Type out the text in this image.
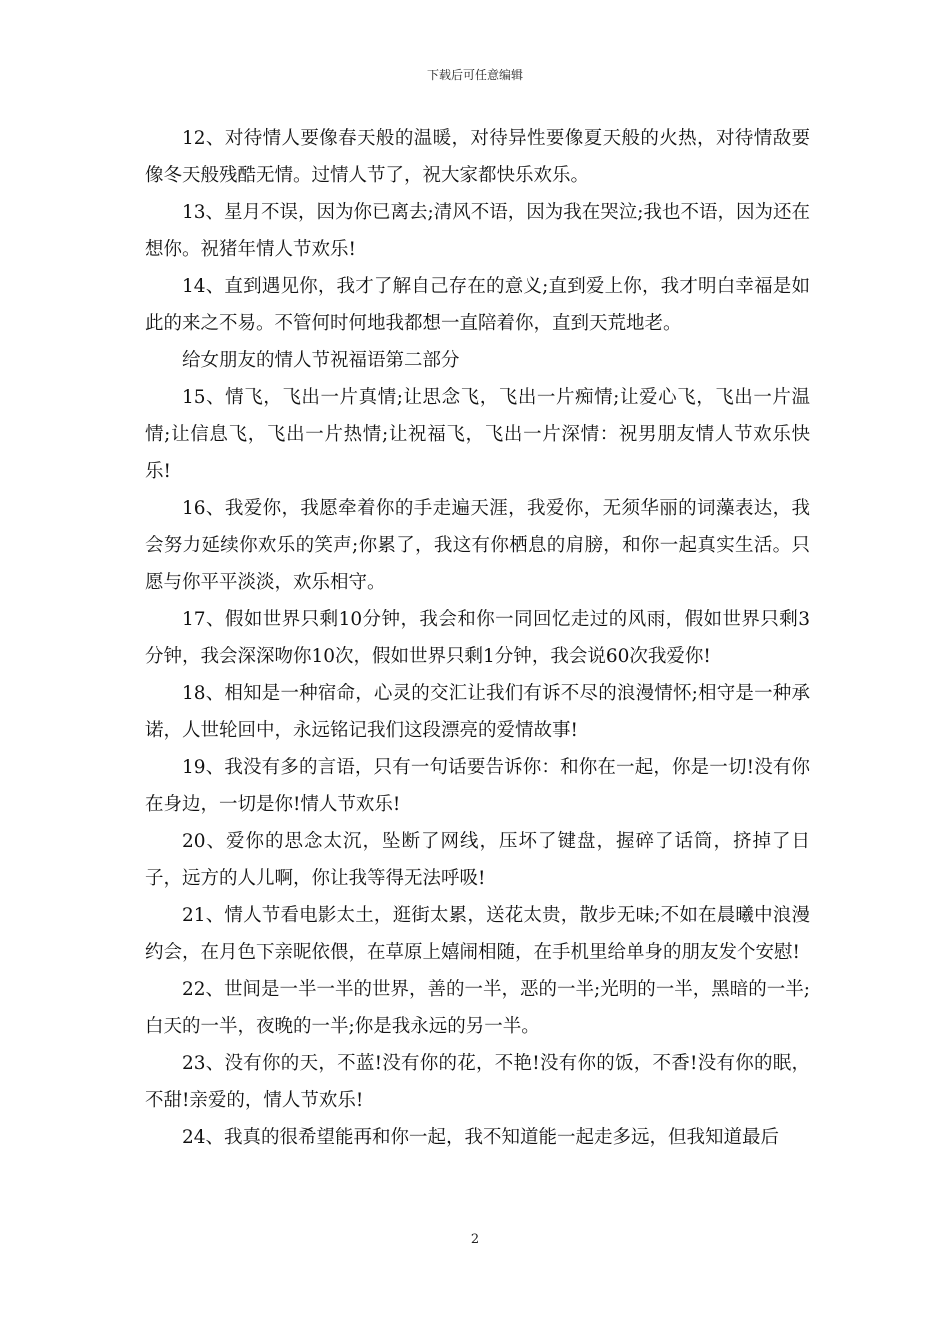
下载后可任意编辑

12、对待情人要像春天般的温暖，对待异性要像夏天般的火热，对待情敌要像冬天般残酷无情。过情人节了，祝大家都快乐欢乐。

13、星月不误，因为你已离去;清风不语，因为我在哭泣;我也不语，因为还在想你。祝猪年情人节欢乐!

14、直到遇见你，我才了解自己存在的意义;直到爱上你，我才明白幸福是如此的来之不易。不管何时何地我都想一直陪着你，直到天荒地老。

给女朋友的情人节祝福语第二部分

15、情飞，飞出一片真情;让思念飞，飞出一片痴情;让爱心飞，飞出一片温情;让信息飞，飞出一片热情;让祝福飞，飞出一片深情：祝男朋友情人节欢乐快乐!

16、我爱你，我愿牵着你的手走遍天涯，我爱你，无须华丽的词藻表达，我会努力延续你欢乐的笑声;你累了，我这有你栖息的肩膀，和你一起真实生活。只愿与你平平淡淡，欢乐相守。

17、假如世界只剩10分钟，我会和你一同回忆走过的风雨，假如世界只剩3分钟，我会深深吻你10次，假如世界只剩1分钟，我会说60次我爱你!

18、相知是一种宿命，心灵的交汇让我们有诉不尽的浪漫情怀;相守是一种承诺，人世轮回中，永远铭记我们这段漂亮的爱情故事!

19、我没有多的言语，只有一句话要告诉你：和你在一起，你是一切!没有你在身边，一切是你!情人节欢乐!

20、爱你的思念太沉，坠断了网线，压坏了键盘，握碎了话筒，挤掉了日子，远方的人儿啊，你让我等得无法呼吸!

21、情人节看电影太土，逛街太累，送花太贵，散步无味;不如在晨曦中浪漫约会，在月色下亲昵依偎，在草原上嬉闹相随，在手机里给单身的朋友发个安慰!

22、世间是一半一半的世界，善的一半，恶的一半;光明的一半，黑暗的一半;白天的一半，夜晚的一半;你是我永远的另一半。

23、没有你的天，不蓝!没有你的花，不艳!没有你的饭，不香!没有你的眠，不甜!亲爱的，情人节欢乐!

24、我真的很希望能再和你一起，我不知道能一起走多远，但我知道最后

2
